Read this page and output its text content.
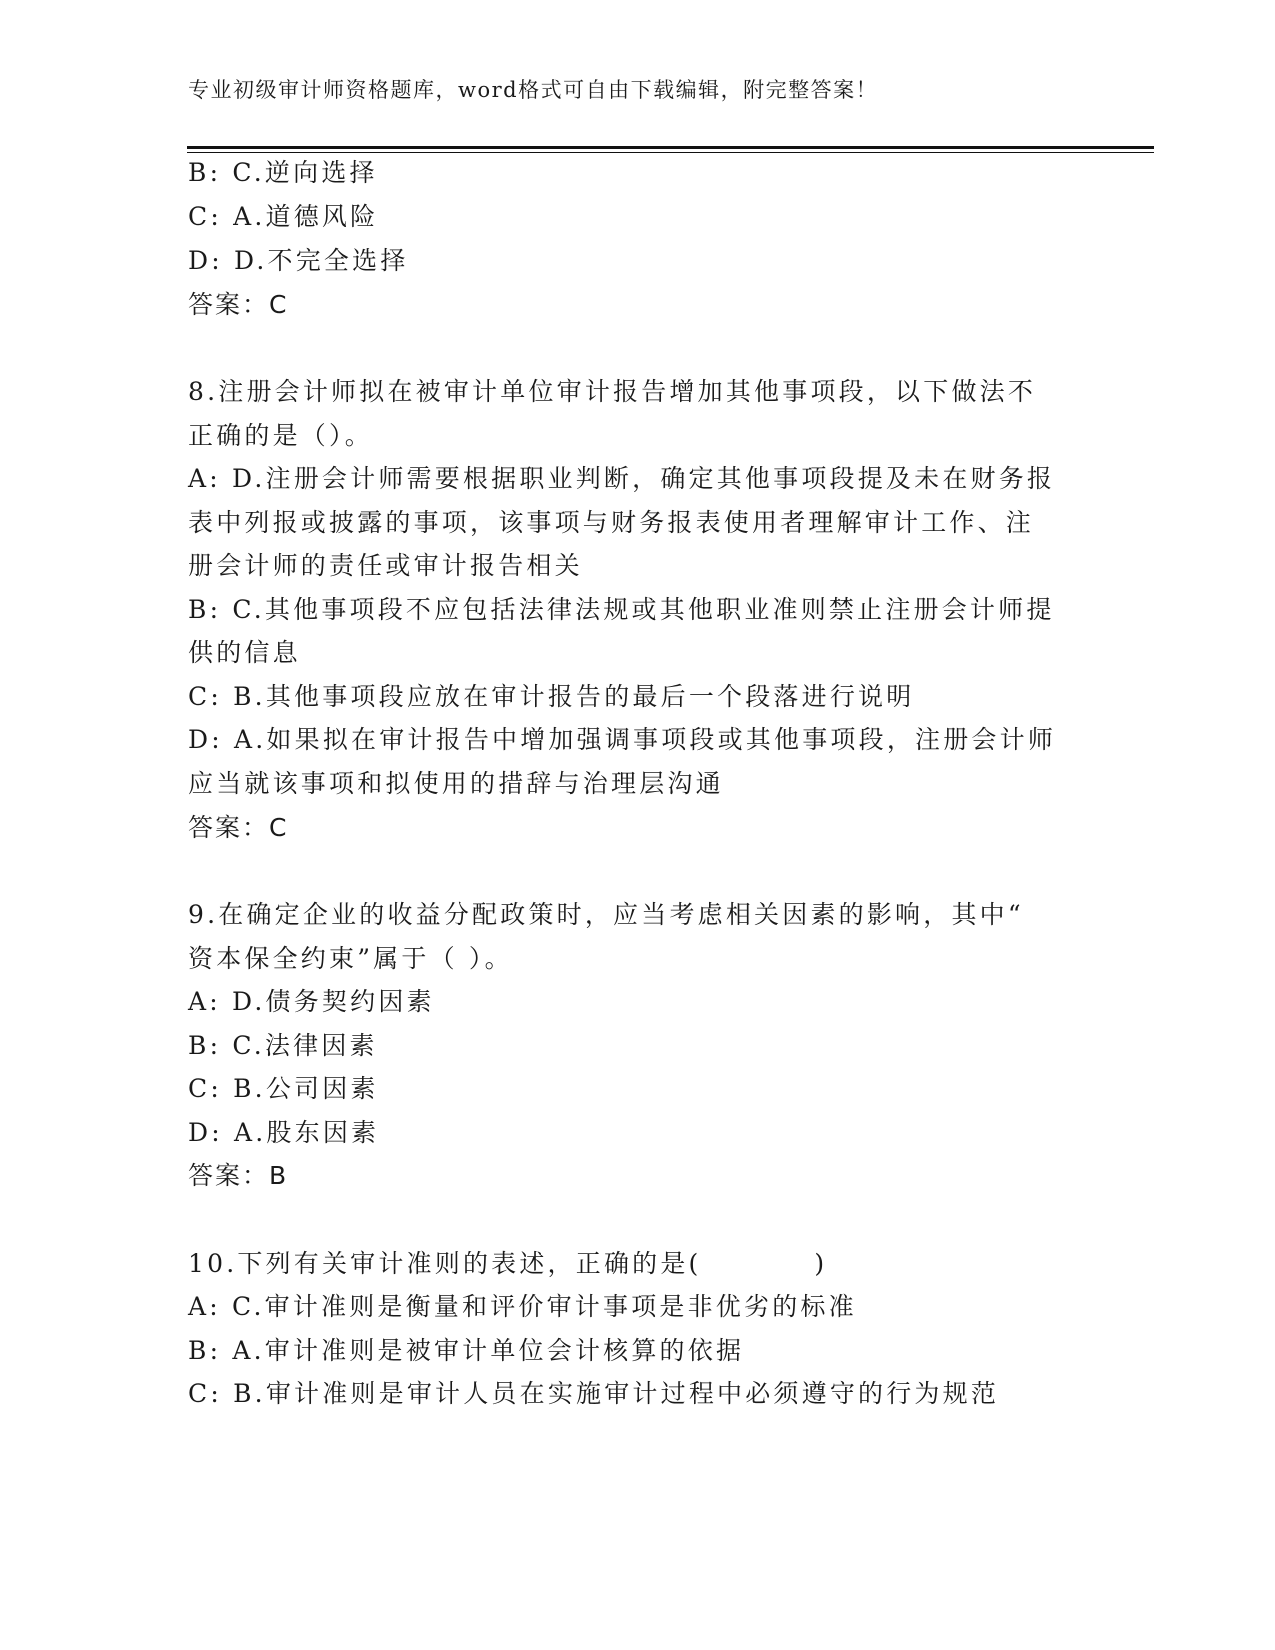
专业初级审计师资格题库，word格式可自由下载编辑，附完整答案！
B: C.逆向选择
C: A.道德风险
D: D.不完全选择
答案：C
8.注册会计师拟在被审计单位审计报告增加其他事项段，以下做法不
正确的是（）。
A: D.注册会计师需要根据职业判断，确定其他事项段提及未在财务报
表中列报或披露的事项，该事项与财务报表使用者理解审计工作、注
册会计师的责任或审计报告相关
B: C.其他事项段不应包括法律法规或其他职业准则禁止注册会计师提
供的信息
C: B.其他事项段应放在审计报告的最后一个段落进行说明
D: A.如果拟在审计报告中增加强调事项段或其他事项段，注册会计师
应当就该事项和拟使用的措辞与治理层沟通
答案：C
9.在确定企业的收益分配政策时，应当考虑相关因素的影响，其中“
资本保全约束”属于（ ）。
A: D.债务契约因素
B: C.法律因素
C: B.公司因素
D: A.股东因素
答案：B
10.下列有关审计准则的表述，正确的是(　　　　)
A: C.审计准则是衡量和评价审计事项是非优劣的标准
B: A.审计准则是被审计单位会计核算的依据
C: B.审计准则是审计人员在实施审计过程中必须遵守的行为规范
